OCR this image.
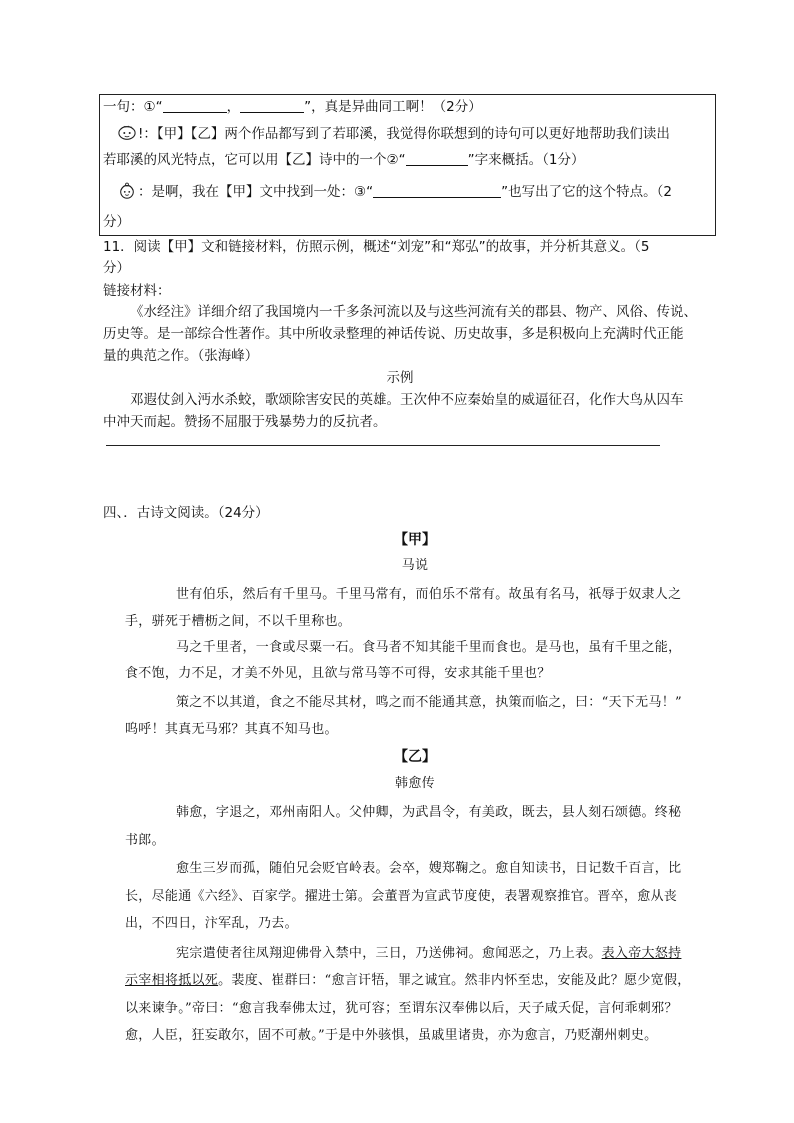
一句：①“	，	”，真是异曲同工啊！（2分）
!：【甲】【乙】两个作品都写到了若耶溪，我觉得你联想到的诗句可以更好地帮助我们读出
若耶溪的风光特点，它可以用【乙】诗中的一个②“	”字来概括。（1分）
：是啊，我在【甲】文中找到一处：③“	”也写出了它的这个特点。（2
分）
11．阅读【甲】文和链接材料，仿照示例，概述“刘宠”和“郑弘”的故事，并分析其意义。（5
分）
链接材料：
《水经注》详细介绍了我国境内一千多条河流以及与这些河流有关的郡县、物产、风俗、传说、
历史等。是一部综合性著作。其中所收录整理的神话传说、历史故事，多是积极向上充满时代正能
量的典范之作。（张海峰）
示例
邓遐仗剑入沔水杀蛟，歌颂除害安民的英雄。王次仲不应秦始皇的威逼征召，化作大鸟从囚车
中冲天而起。赞扬不屈服于残暴势力的反抗者。
四、．古诗文阅读。（24分）
【甲】
马说
世有伯乐，然后有千里马。千里马常有，而伯乐不常有。故虽有名马，祇辱于奴隶人之
手，骈死于槽枥之间，不以千里称也。
马之千里者，一食或尽粟一石。食马者不知其能千里而食也。是马也，虽有千里之能，
食不饱，力不足，才美不外见，且欲与常马等不可得，安求其能千里也？
策之不以其道，食之不能尽其材，鸣之而不能通其意，执策而临之，曰：“天下无马！”
呜呼！其真无马邪？其真不知马也。
【乙】
韩愈传
韩愈，字退之，邓州南阳人。父仲卿，为武昌令，有美政，既去，县人刻石颂德。终秘
书郎。
愈生三岁而孤，随伯兄会贬官岭表。会卒，嫂郑鞠之。愈自知读书，日记数千百言，比
长，尽能通《六经》、百家学。擢进士第。会董晋为宣武节度使，表署观察推官。晋卒，愈从丧
出，不四日，汴军乱，乃去。
宪宗遣使者往凤翔迎佛骨入禁中，三日，乃送佛祠。愈闻恶之，乃上表。表入帝大怒持
示宰相将抵以死。裴度、崔群曰：“愈言讦牾，罪之诚宜。然非内怀至忠，安能及此？愿少宽假，
以来谏争。”帝曰：“愈言我奉佛太过，犹可容；至谓东汉奉佛以后，天子咸夭促，言何乖刺邪？
愈，人臣，狂妄敢尔，固不可赦。”于是中外骇惧，虽戚里诸贵，亦为愈言，乃贬潮州刺史。
